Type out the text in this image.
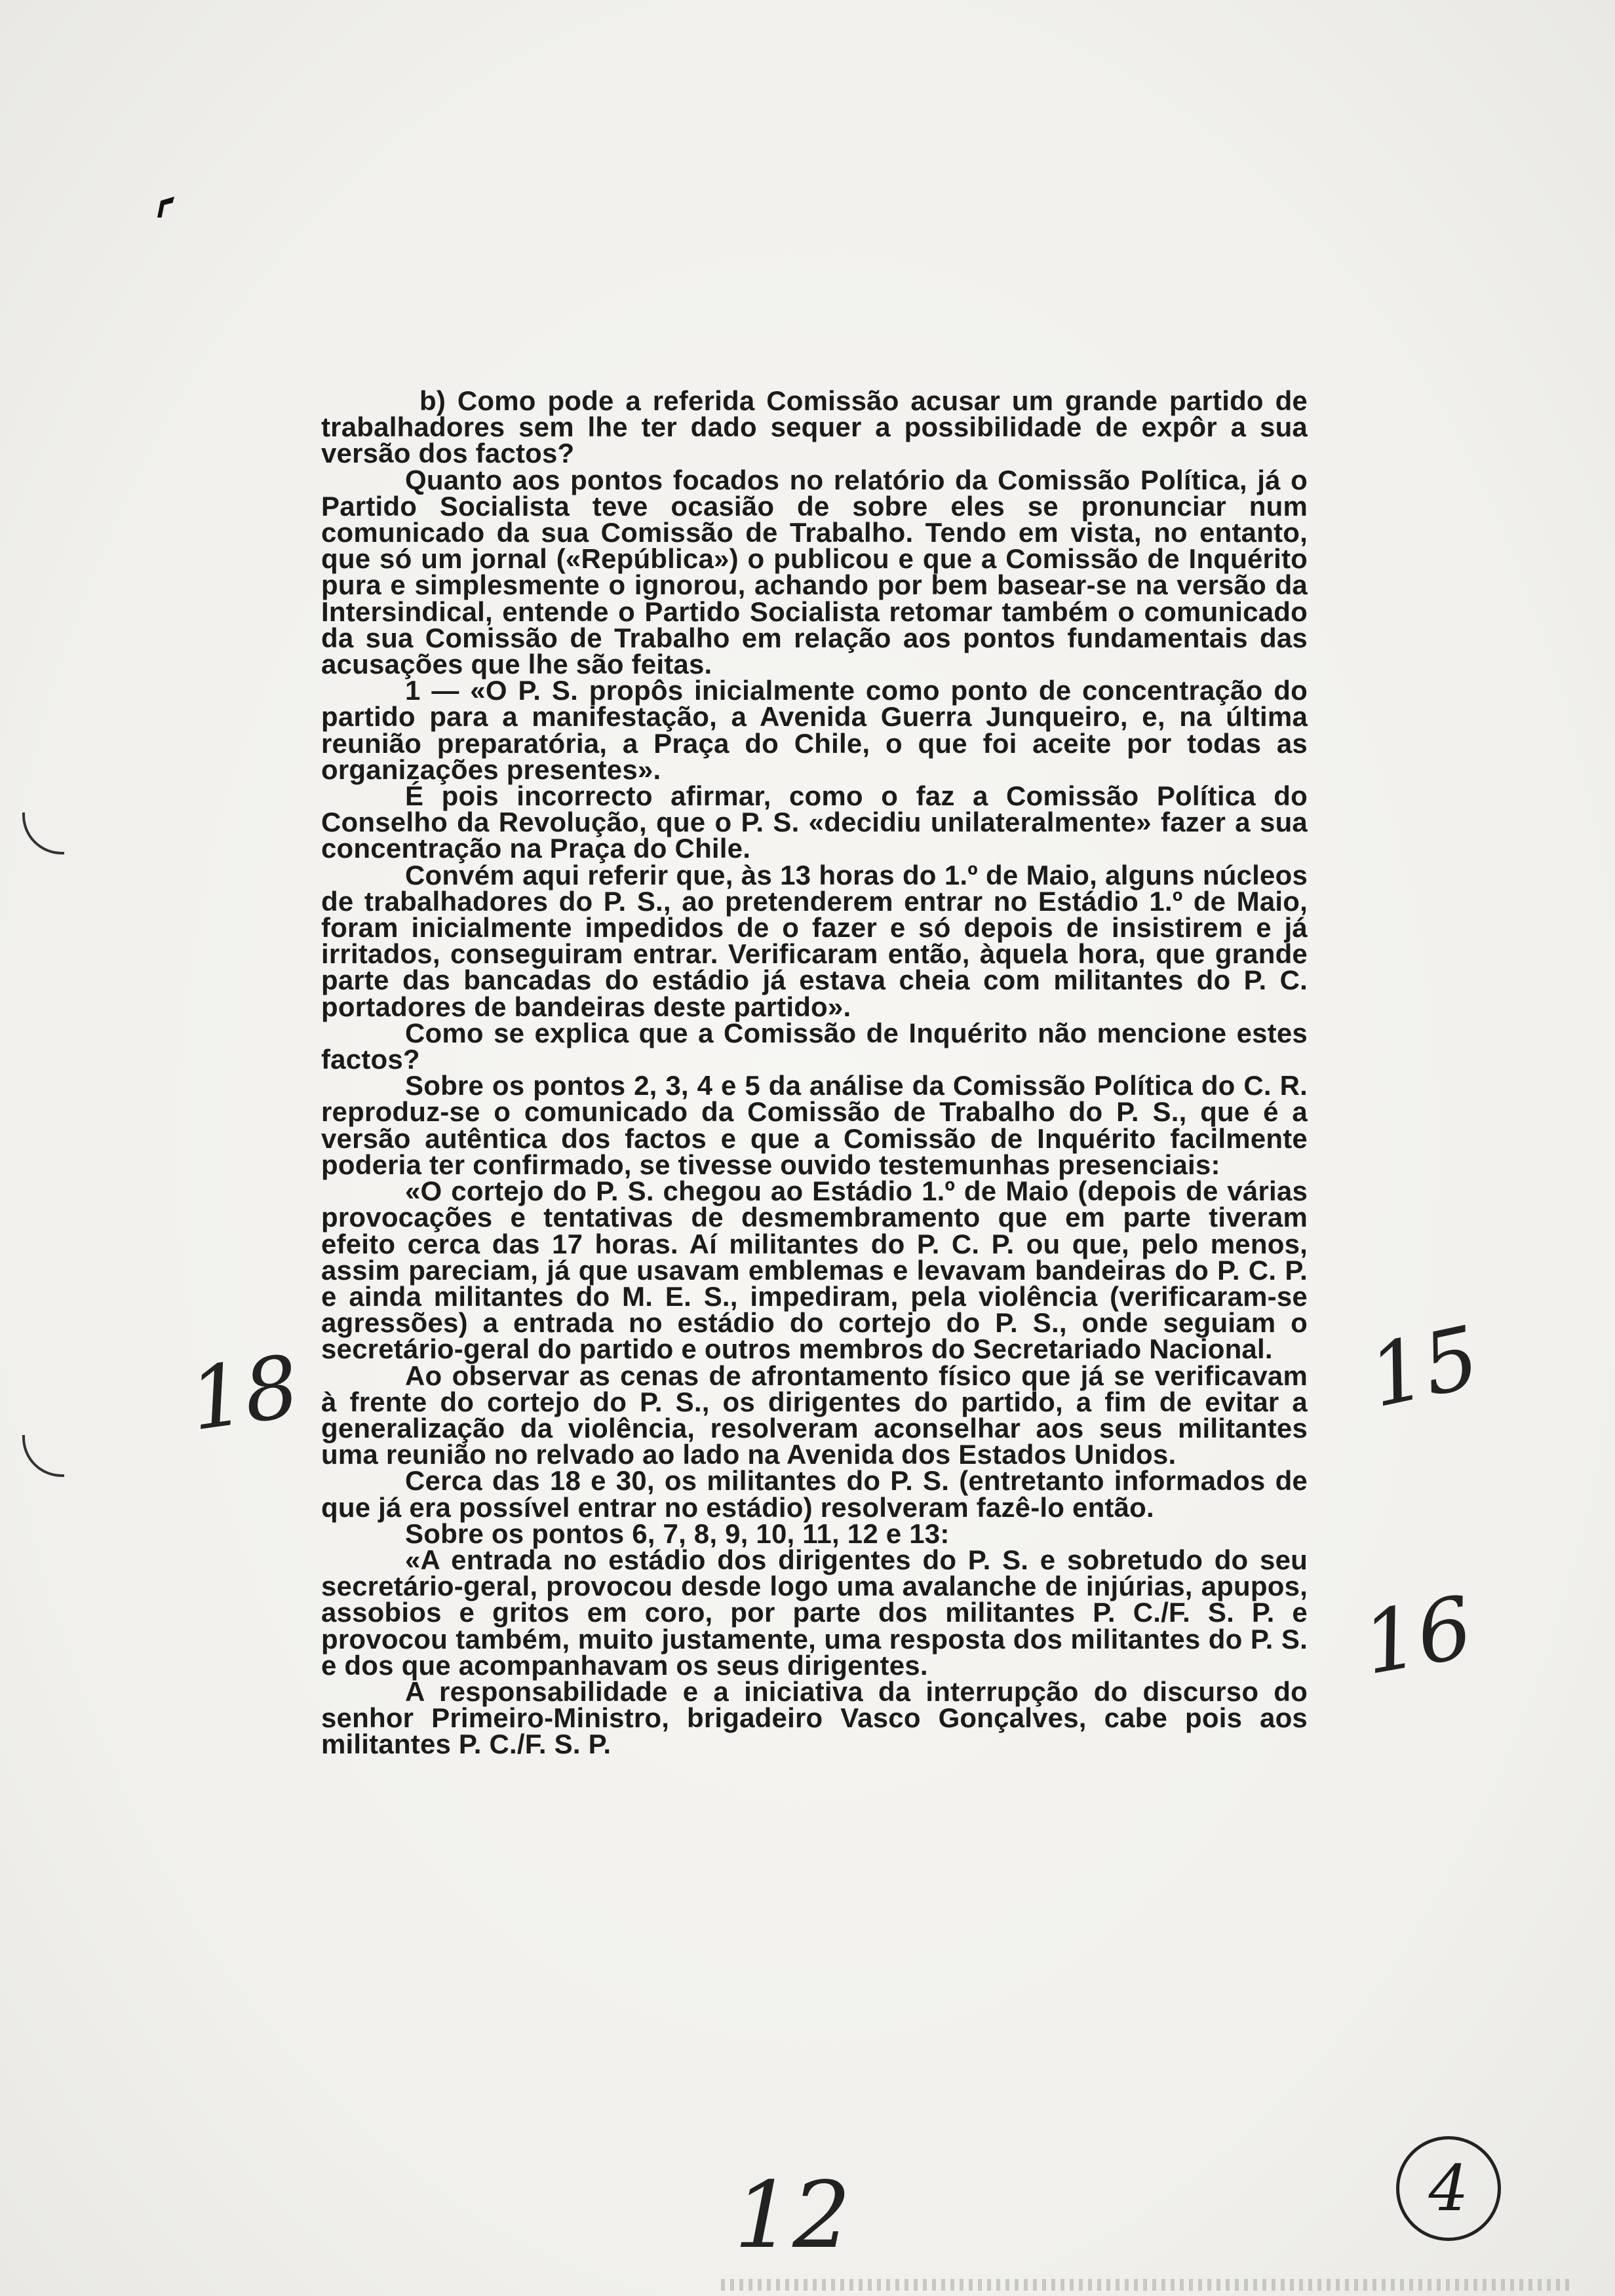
b) Como pode a referida Comissão acusar um grande partido de trabalhadores sem lhe ter dado sequer a possibilidade de expôr a sua versão dos factos?

Quanto aos pontos focados no relatório da Comissão Política, já o Partido Socialista teve ocasião de sobre eles se pronunciar num comunicado da sua Comissão de Trabalho. Tendo em vista, no entanto, que só um jornal («República») o publicou e que a Comissão de Inquérito pura e simplesmente o ignorou, achando por bem basear-se na versão da Intersindical, entende o Partido Socialista retomar também o comunicado da sua Comissão de Trabalho em relação aos pontos fundamentais das acusações que lhe são feitas.

1 — «O P. S. propôs inicialmente como ponto de concentração do partido para a manifestação, a Avenida Guerra Junqueiro, e, na última reunião preparatória, a Praça do Chile, o que foi aceite por todas as organizações presentes».

É pois incorrecto afirmar, como o faz a Comissão Política do Conselho da Revolução, que o P. S. «decidiu unilateralmente» fazer a sua concentração na Praça do Chile.

Convém aqui referir que, às 13 horas do 1.º de Maio, alguns núcleos de trabalhadores do P. S., ao pretenderem entrar no Estádio 1.º de Maio, foram inicialmente impedidos de o fazer e só depois de insistirem e já irritados, conseguiram entrar. Verificaram então, àquela hora, que grande parte das bancadas do estádio já estava cheia com militantes do P. C. portadores de bandeiras deste partido».

Como se explica que a Comissão de Inquérito não mencione estes factos?

Sobre os pontos 2, 3, 4 e 5 da análise da Comissão Política do C. R. reproduz-se o comunicado da Comissão de Trabalho do P. S., que é a versão autêntica dos factos e que a Comissão de Inquérito facilmente poderia ter confirmado, se tivesse ouvido testemunhas presenciais:

«O cortejo do P. S. chegou ao Estádio 1.º de Maio (depois de várias provocações e tentativas de desmembramento que em parte tiveram efeito cerca das 17 horas. Aí militantes do P. C. P. ou que, pelo menos, assim pareciam, já que usavam emblemas e levavam bandeiras do P. C. P. e ainda militantes do M. E. S., impediram, pela violência (verificaram-se agressões) a entrada no estádio do cortejo do P. S., onde seguiam o secretário-geral do partido e outros membros do Secretariado Nacional.

Ao observar as cenas de afrontamento físico que já se verificavam à frente do cortejo do P. S., os dirigentes do partido, a fim de evitar a generalização da violência, resolveram aconselhar aos seus militantes uma reunião no relvado ao lado na Avenida dos Estados Unidos.

Cerca das 18 e 30, os militantes do P. S. (entretanto informados de que já era possível entrar no estádio) resolveram fazê-lo então.

Sobre os pontos 6, 7, 8, 9, 10, 11, 12 e 13:

«A entrada no estádio dos dirigentes do P. S. e sobretudo do seu secretário-geral, provocou desde logo uma avalanche de injúrias, apupos, assobios e gritos em coro, por parte dos militantes P. C./F. S. P. e provocou também, muito justamente, uma resposta dos militantes do P. S. e dos que acompanhavam os seus dirigentes.

A responsabilidade e a iniciativa da interrupção do discurso do senhor Primeiro-Ministro, brigadeiro Vasco Gonçalves, cabe pois aos militantes P. C./F. S. P.

18	15
16
12	4
